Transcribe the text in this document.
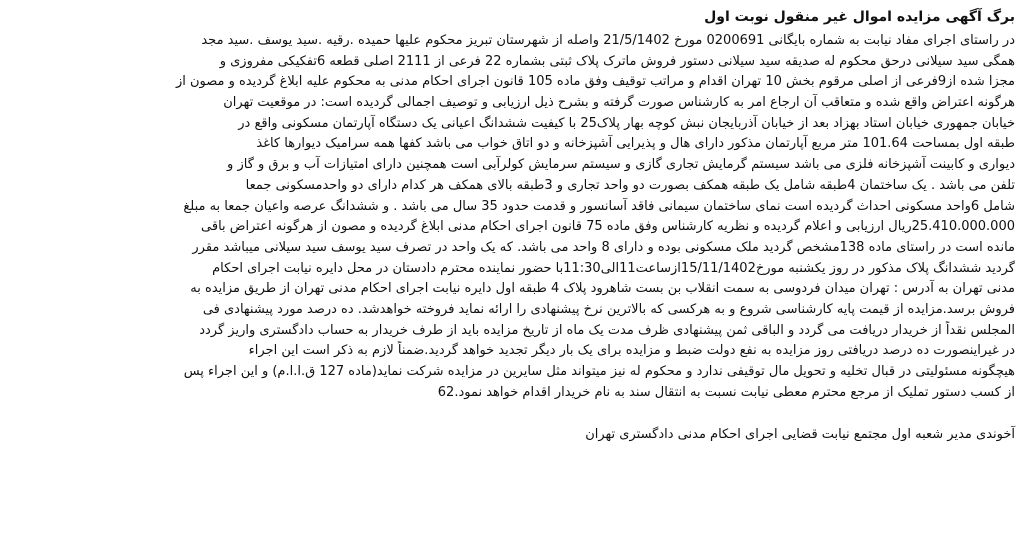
برگ آگهی مزایده اموال غیر منقول نوبت اول
در راستای اجرای مفاد نیابت به شماره بایگانی 0200691 مورخ 21/5/1402 واصله از شهرستان تبریز محکوم علیها حمیده .رقیه .سید یوسف .سید مجد
همگی سید سیلانی درحق محکوم له صدیقه سید سیلانی دستور فروش ماترک پلاک ثبتی بشماره 22 فرعی از 2111 اصلی قطعه 6تفکیکی مفروزی و
مجزا شده از9فرعی از اصلی مرقوم بخش 10 تهران اقدام و مراتب توقیف وفق ماده 105 قانون اجرای احکام مدنی به محکوم علیه ابلاغ گردیده و مصون از
هرگونه اعتراض واقع شده و متعاقب آن ارجاع امر به کارشناس صورت گرفته و بشرح ذیل ارزیابی و توصیف اجمالی گردیده است: در موقعیت تهران
خیابان جمهوری خیابان استاد بهزاد بعد از خیابان آذربایجان نبش کوچه بهار پلاک25 با کیفیت ششدانگ اعیانی یک دستگاه آپارتمان مسکونی واقع در
طبقه اول بمساحت 101.64 متر مربع آپارتمان مذکور دارای هال و پذیرایی آشپزخانه و دو اتاق خواب می باشد کفها همه سرامیک دیوارها کاغذ
دیواری و کابینت آشپزخانه فلزی می باشد سیستم گرمایش تجاری گازی و سیستم سرمایش کولرآبی است همچنین دارای امتیازات آب و برق و گاز و
تلفن می باشد . یک ساختمان 4طبقه شامل یک طبقه همکف بصورت دو واحد تجاری و 3طبقه بالای همکف هر کدام دارای دو واحدمسکونی جمعا
شامل 6واحد مسکونی احداث گردیده است نمای ساختمان سیمانی فاقد آسانسور و قدمت حدود 35 سال می باشد . و ششدانگ عرصه واعیان جمعا به مبلغ
25.410.000.000ریال ارزیابی و اعلام گردیده و نظریه کارشناس وفق ماده 75 قانون اجرای احکام مدنی ابلاغ گردیده و مصون از هرگونه اعتراض باقی
مانده است در راستای ماده 138مشخص گردید ملک مسکونی بوده و دارای 8 واحد می باشد. که یک واحد در تصرف سید یوسف سید سیلانی میباشد مقرر
گردید ششدانگ پلاک مذکور در روز یکشنبه مورخ15/11/1402ازساعت11الی11:30با حضور نماینده محترم دادستان در محل دایره نیابت اجرای احکام
مدنی تهران به آدرس : تهران میدان فردوسی به سمت انقلاب بن بست شاهرود پلاک 4 طبقه اول دایره نیابت اجرای احکام مدنی تهران از طریق مزایده به
فروش برسد.مزایده از قیمت پایه کارشناسی شروع و به هرکسی که بالاترین نرخ پیشنهادی را ارائه نماید فروخته خواهدشد. ده درصد مورد پیشنهادی فی
المجلس نقداً از خریدار دریافت می گردد و الباقی ثمن پیشنهادی ظرف مدت یک ماه از تاریخ مزایده باید از طرف خریدار به حساب دادگستری واریز گردد
در غیراینصورت ده درصد دریافتی روز مزایده به نفع دولت ضبط و مزایده برای یک بار دیگر تجدید خواهد گردید.ضمناً لازم به ذکر است این اجراء
هیچگونه مسئولیتی در قبال تخلیه و تحویل مال توقیفی ندارد و محکوم له نیز میتواند مثل سایرین در مزایده شرکت نماید(ماده 127 ق.ا.ا.م) و این اجراء پس
از کسب دستور تملیک از مرجع محترم معطی نیابت نسبت به انتقال سند به نام خریدار اقدام خواهد نمود.62
آخوندی مدیر شعبه اول مجتمع نیابت قضایی اجرای احکام مدنی دادگستری تهران
